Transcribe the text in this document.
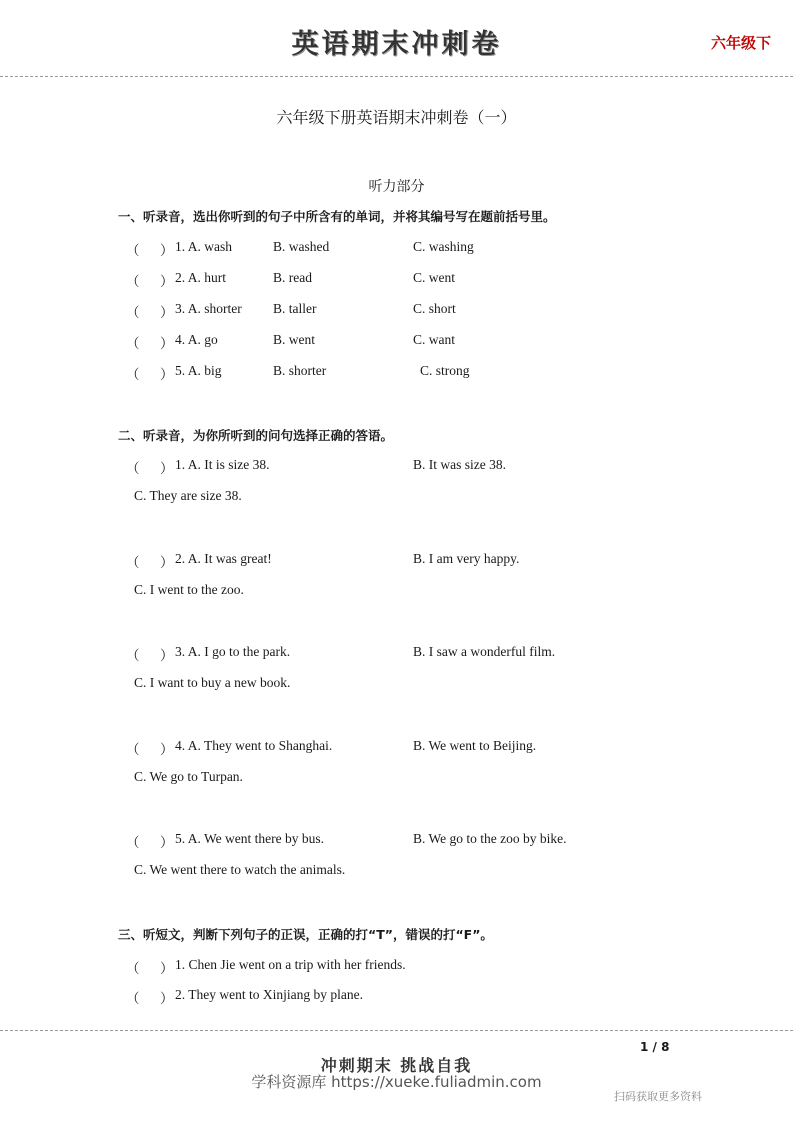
英语期末冲刺卷	六年级下
六年级下册英语期末冲刺卷（一）
听力部分
一、听录音，选出你听到的句子中所含有的单词，并将其编号写在题前括号里。
（ ） 1. A. wash	B. washed	C. washing
（ ） 2. A. hurt	B. read	C. went
（ ） 3. A. shorter B. taller	C. short
（ ） 4. A. go	B. went	C. want
（ ） 5. A. big	B. shorter	C. strong
二、听录音，为你所听到的问句选择正确的答语。
（ ） 1. A. It is size 38.	B. It was size 38.
C. They are size 38.
（ ） 2. A. It was great!	B. I am very happy.
C. I went to the zoo.
（ ） 3. A. I go to the park.	B. I saw a wonderful film.
C. I want to buy a new book.
（ ） 4. A. They went to Shanghai.	B. We went to Beijing.
C. We go to Turpan.
（ ） 5. A. We went there by bus.	B. We go to the zoo by bike.
C. We went there to watch the animals.
三、听短文，判断下列句子的正误，正确的打“T”，错误的打“F”。
（ ） 1. Chen Jie went on a trip with her friends.
（ ） 2. They went to Xinjiang by plane.
1 / 8
冲刺期末 挑战自我
学科资源库 https://xueke.fuliadmin.com
扫码获取更多资料
